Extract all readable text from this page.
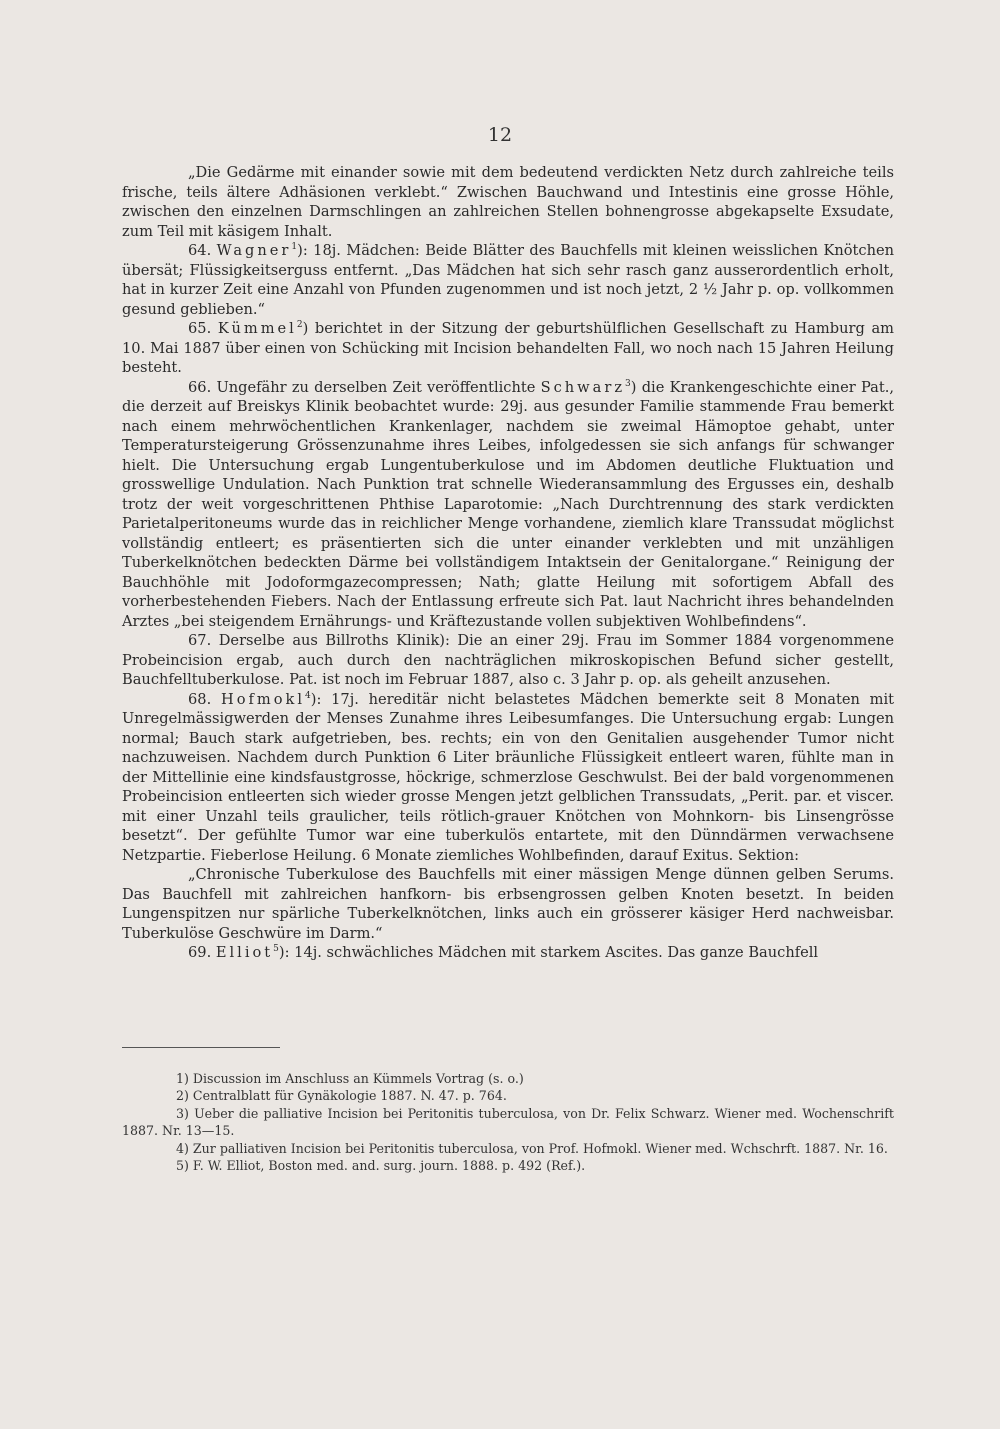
12

„Die Gedärme mit einander sowie mit dem bedeutend verdickten Netz durch zahlreiche teils frische, teils ältere Adhäsionen verklebt.“ Zwischen Bauchwand und Intestinis eine grosse Höhle, zwischen den einzelnen Darmschlingen an zahlreichen Stellen bohnengrosse abgekapselte Exsudate, zum Teil mit käsigem Inhalt.

64. Wagner$^1$): 18j. Mädchen: Beide Blätter des Bauchfells mit kleinen weisslichen Knötchen übersät; Flüssigkeitserguss entfernt. „Das Mädchen hat sich sehr rasch ganz ausserordentlich erholt, hat in kurzer Zeit eine Anzahl von Pfunden zugenommen und ist noch jetzt, 2 ½ Jahr p. op. vollkommen gesund geblieben.“

65. Kümmel$^2$) berichtet in der Sitzung der geburtshülflichen Gesellschaft zu Hamburg am 10. Mai 1887 über einen von Schücking mit Incision behandelten Fall, wo noch nach 15 Jahren Heilung besteht.

66. Ungefähr zu derselben Zeit veröffentlichte Schwarz$^3$) die Krankengeschichte einer Pat., die derzeit auf Breiskys Klinik beobachtet wurde: 29j. aus gesunder Familie stammende Frau bemerkt nach einem mehrwöchentlichen Krankenlager, nachdem sie zweimal Hämoptoe gehabt, unter Temperatursteigerung Grössenzunahme ihres Leibes, infolgedessen sie sich anfangs für schwanger hielt. Die Untersuchung ergab Lungentuberkulose und im Abdomen deutliche Fluktuation und grosswellige Undulation. Nach Punktion trat schnelle Wiederansammlung des Ergusses ein, deshalb trotz der weit vorgeschrittenen Phthise Laparotomie: „Nach Durchtrennung des stark verdickten Parietalperitoneums wurde das in reichlicher Menge vorhandene, ziemlich klare Transsudat möglichst vollständig entleert; es präsentierten sich die unter einander verklebten und mit unzähligen Tuberkelknötchen bedeckten Därme bei vollständigem Intaktsein der Genitalorgane.“ Reinigung der Bauchhöhle mit Jodoformgazecompressen; Nath; glatte Heilung mit sofortigem Abfall des vorherbestehenden Fiebers. Nach der Entlassung erfreute sich Pat. laut Nachricht ihres behandelnden Arztes „bei steigendem Ernährungs- und Kräftezustande vollen subjektiven Wohlbefindens“.

67. Derselbe aus Billroths Klinik): Die an einer 29j. Frau im Sommer 1884 vorgenommene Probeincision ergab, auch durch den nachträglichen mikroskopischen Befund sicher gestellt, Bauchfelltuberkulose. Pat. ist noch im Februar 1887, also c. 3 Jahr p. op. als geheilt anzusehen.

68. Hofmokl$^4$): 17j. hereditär nicht belastetes Mädchen bemerkte seit 8 Monaten mit Unregelmässigwerden der Menses Zunahme ihres Leibesumfanges. Die Untersuchung ergab: Lungen normal; Bauch stark aufgetrieben, bes. rechts; ein von den Genitalien ausgehender Tumor nicht nachzuweisen. Nachdem durch Punktion 6 Liter bräunliche Flüssigkeit entleert waren, fühlte man in der Mittellinie eine kindsfaustgrosse, höckrige, schmerzlose Geschwulst. Bei der bald vorgenommenen Probeincision entleerten sich wieder grosse Mengen jetzt gelblichen Transsudats, „Perit. par. et viscer. mit einer Unzahl teils graulicher, teils rötlich-grauer Knötchen von Mohnkorn- bis Linsengrösse besetzt“. Der gefühlte Tumor war eine tuberkulös entartete, mit den Dünndärmen verwachsene Netzpartie. Fieberlose Heilung. 6 Monate ziemliches Wohlbefinden, darauf Exitus. Sektion:

„Chronische Tuberkulose des Bauchfells mit einer mässigen Menge dünnen gelben Serums. Das Bauchfell mit zahlreichen hanfkorn- bis erbsengrossen gelben Knoten besetzt. In beiden Lungenspitzen nur spärliche Tuberkelknötchen, links auch ein grösserer käsiger Herd nachweisbar. Tuberkulöse Geschwüre im Darm.“

69. Elliot$^5$): 14j. schwächliches Mädchen mit starkem Ascites. Das ganze Bauchfell

1) Discussion im Anschluss an Kümmels Vortrag (s. o.)

2) Centralblatt für Gynäkologie 1887. N. 47. p. 764.

3) Ueber die palliative Incision bei Peritonitis tuberculosa, von Dr. Felix Schwarz. Wiener med. Wochenschrift 1887. Nr. 13—15.

4) Zur palliativen Incision bei Peritonitis tuberculosa, von Prof. Hofmokl. Wiener med. Wchschrft. 1887. Nr. 16.

5) F. W. Elliot, Boston med. and. surg. journ. 1888. p. 492 (Ref.).
